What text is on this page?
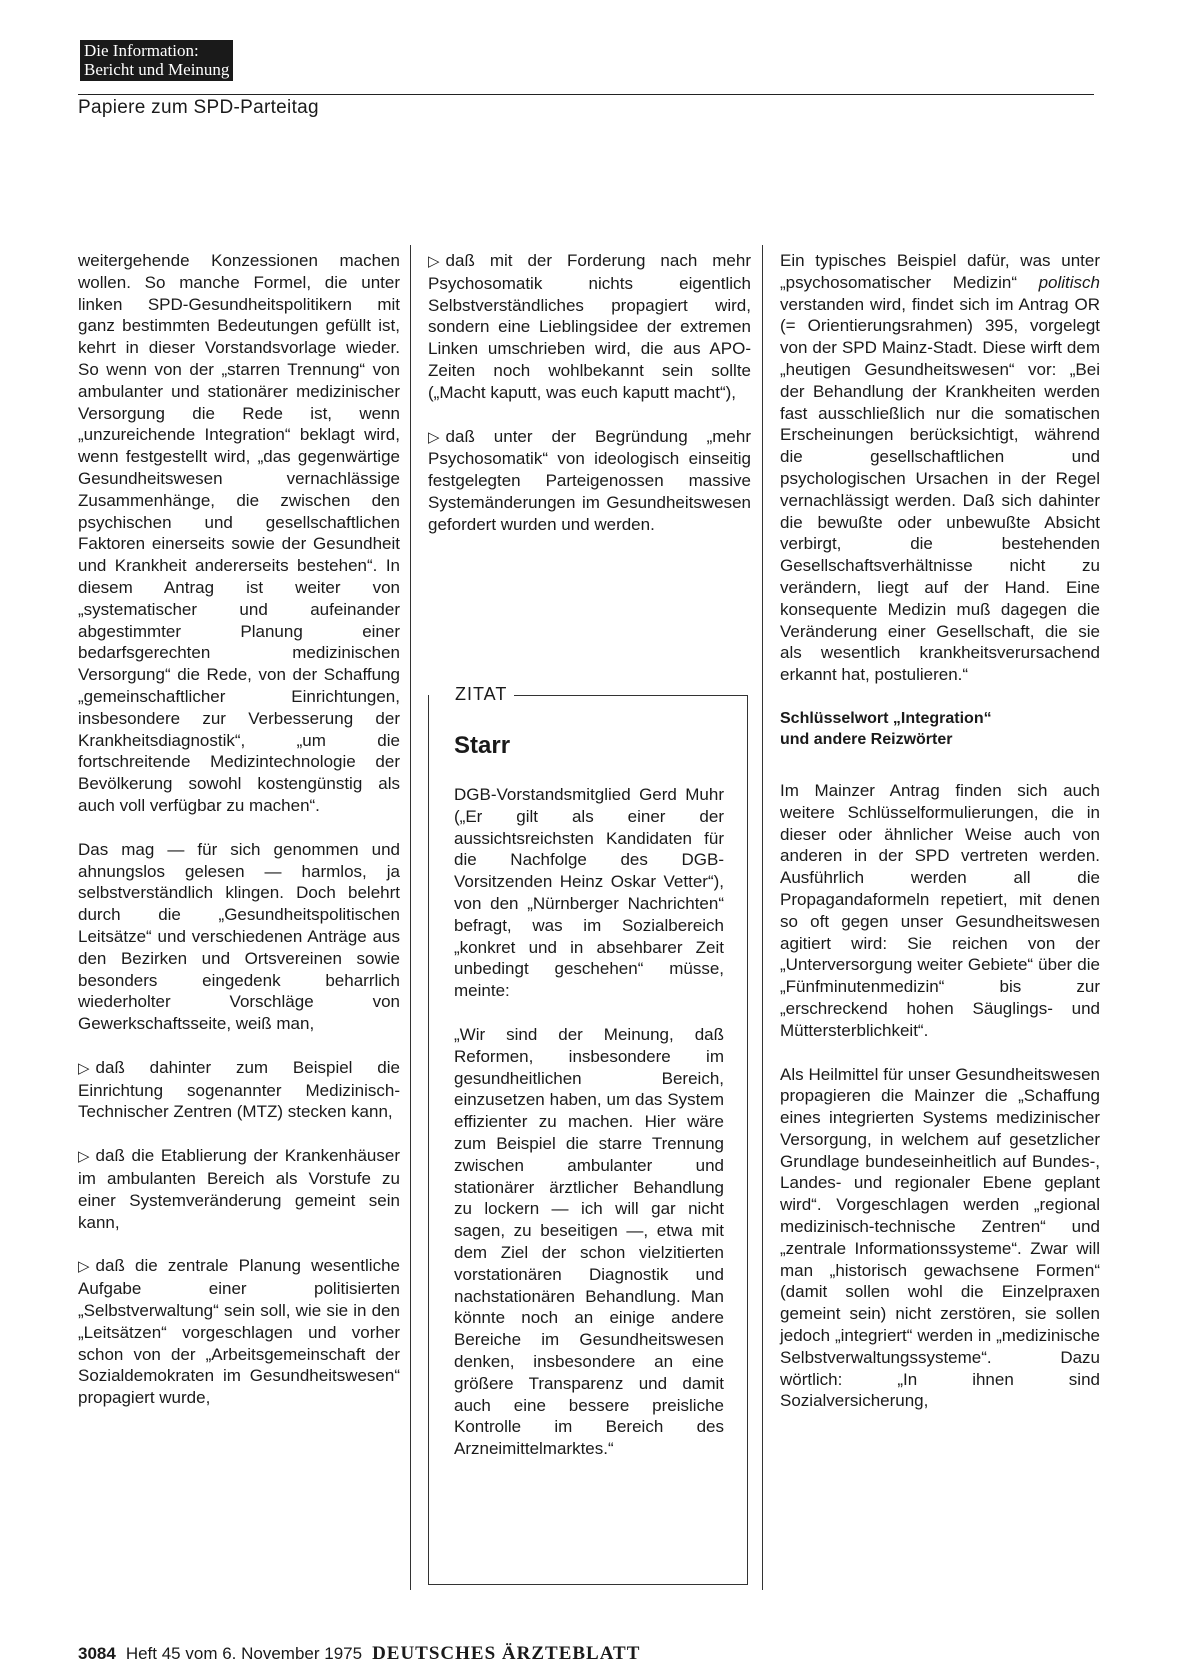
Die Information:
Bericht und Meinung
Papiere zum SPD-Parteitag

weitergehende Konzessionen machen wollen. So manche Formel, die unter linken SPD-Gesundheitspolitikern mit ganz bestimmten Bedeutungen gefüllt ist, kehrt in dieser Vorstandsvorlage wieder. So wenn von der „starren Trennung“ von ambulanter und stationärer medizinischer Versorgung die Rede ist, wenn „unzureichende Integration“ beklagt wird, wenn festgestellt wird, „das gegenwärtige Gesundheitswesen vernachlässige Zusammenhänge, die zwischen den psychischen und gesellschaftlichen Faktoren einerseits sowie der Gesundheit und Krankheit andererseits bestehen“. In diesem Antrag ist weiter von „systematischer und aufeinander abgestimmter Planung einer bedarfsgerechten medizinischen Versorgung“ die Rede, von der Schaffung „gemeinschaftlicher Einrichtungen, insbesondere zur Verbesserung der Krankheitsdiagnostik“, „um die fortschreitende Medizintechnologie der Bevölkerung sowohl kostengünstig als auch voll verfügbar zu machen“.

Das mag — für sich genommen und ahnungslos gelesen — harmlos, ja selbstverständlich klingen. Doch belehrt durch die „Gesundheitspolitischen Leitsätze“ und verschiedenen Anträge aus den Bezirken und Ortsvereinen sowie besonders eingedenk beharrlich wiederholter Vorschläge von Gewerkschaftsseite, weiß man,

▷ daß dahinter zum Beispiel die Einrichtung sogenannter Medizinisch-Technischer Zentren (MTZ) stecken kann,

▷ daß die Etablierung der Krankenhäuser im ambulanten Bereich als Vorstufe zu einer Systemveränderung gemeint sein kann,

▷ daß die zentrale Planung wesentliche Aufgabe einer politisierten „Selbstverwaltung“ sein soll, wie sie in den „Leitsätzen“ vorgeschlagen und vorher schon von der „Arbeitsgemeinschaft der Sozialdemokraten im Gesundheitswesen“ propagiert wurde,

▷ daß mit der Forderung nach mehr Psychosomatik nichts eigentlich Selbstverständliches propagiert wird, sondern eine Lieblingsidee der extremen Linken umschrieben wird, die aus APO-Zeiten noch wohlbekannt sein sollte („Macht kaputt, was euch kaputt macht“),

▷ daß unter der Begründung „mehr Psychosomatik“ von ideologisch einseitig festgelegten Parteigenossen massive Systemänderungen im Gesundheitswesen gefordert wurden und werden.

ZITAT
Starr

DGB-Vorstandsmitglied Gerd Muhr („Er gilt als einer der aussichtsreichsten Kandidaten für die Nachfolge des DGB-Vorsitzenden Heinz Oskar Vetter“), von den „Nürnberger Nachrichten“ befragt, was im Sozialbereich „konkret und in absehbarer Zeit unbedingt geschehen“ müsse, meinte:

„Wir sind der Meinung, daß Reformen, insbesondere im gesundheitlichen Bereich, einzusetzen haben, um das System effizienter zu machen. Hier wäre zum Beispiel die starre Trennung zwischen ambulanter und stationärer ärztlicher Behandlung zu lockern — ich will gar nicht sagen, zu beseitigen —, etwa mit dem Ziel der schon vielzitierten vorstationären Diagnostik und nachstationären Behandlung. Man könnte noch an einige andere Bereiche im Gesundheitswesen denken, insbesondere an eine größere Transparenz und damit auch eine bessere preisliche Kontrolle im Bereich des Arzneimittelmarktes.“

Ein typisches Beispiel dafür, was unter „psychosomatischer Medizin“ politisch verstanden wird, findet sich im Antrag OR (= Orientierungsrahmen) 395, vorgelegt von der SPD Mainz-Stadt. Diese wirft dem „heutigen Gesundheitswesen“ vor: „Bei der Behandlung der Krankheiten werden fast ausschließlich nur die somatischen Erscheinungen berücksichtigt, während die gesellschaftlichen und psychologischen Ursachen in der Regel vernachlässigt werden. Daß sich dahinter die bewußte oder unbewußte Absicht verbirgt, die bestehenden Gesellschaftsverhältnisse nicht zu verändern, liegt auf der Hand. Eine konsequente Medizin muß dagegen die Veränderung einer Gesellschaft, die sie als wesentlich krankheitsverursachend erkannt hat, postulieren.“

Schlüsselwort „Integration“
und andere Reizwörter

Im Mainzer Antrag finden sich auch weitere Schlüsselformulierungen, die in dieser oder ähnlicher Weise auch von anderen in der SPD vertreten werden. Ausführlich werden all die Propagandaformeln repetiert, mit denen so oft gegen unser Gesundheitswesen agitiert wird: Sie reichen von der „Unterversorgung weiter Gebiete“ über die „Fünfminutenmedizin“ bis zur „erschreckend hohen Säuglings- und Müttersterblichkeit“.

Als Heilmittel für unser Gesundheitswesen propagieren die Mainzer die „Schaffung eines integrierten Systems medizinischer Versorgung, in welchem auf gesetzlicher Grundlage bundeseinheitlich auf Bundes-, Landes- und regionaler Ebene geplant wird“. Vorgeschlagen werden „regional medizinisch-technische Zentren“ und „zentrale Informationssysteme“. Zwar will man „historisch gewachsene Formen“ (damit sollen wohl die Einzelpraxen gemeint sein) nicht zerstören, sie sollen jedoch „integriert“ werden in „medizinische Selbstverwaltungssysteme“. Dazu wörtlich: „In ihnen sind Sozialversicherung,

3084 Heft 45 vom 6. November 1975 DEUTSCHES ÄRZTEBLATT
